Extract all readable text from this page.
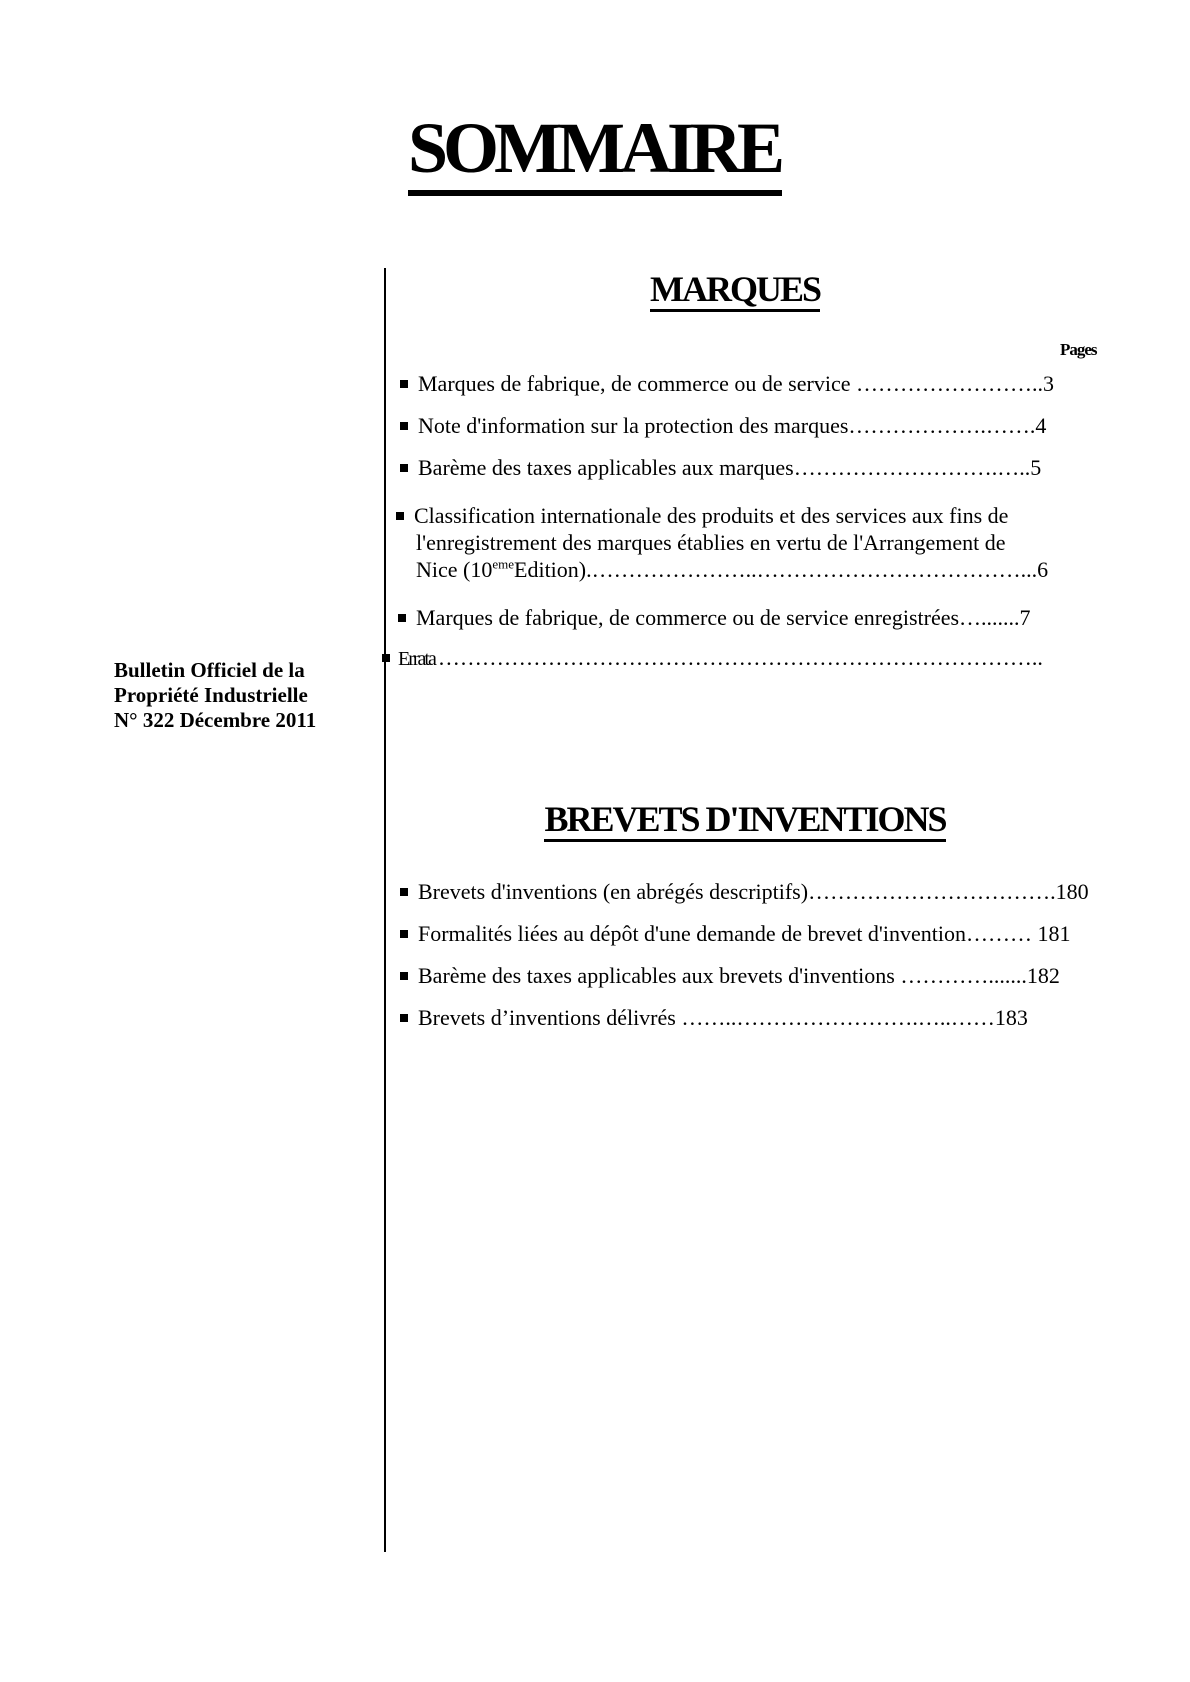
SOMMAIRE
Bulletin Officiel de la
Propriété Industrielle
N° 322 Décembre 2011
MARQUES
Pages
Marques de fabrique, de commerce ou de service ……………………..3
Note d'information sur la protection des marques……………….…….4
Barème des taxes applicables aux marques……………………….…..5
Classification internationale des produits et des services aux fins de
l'enregistrement des marques établies en vertu de l'Arrangement de
Nice (10emeEdition).…………………..………………………………...6
Marques de fabrique, de commerce ou de service enregistrées….......7
Errata ………………………………………………………………………..
BREVETS D'INVENTIONS
Brevets d'inventions (en abrégés descriptifs)…………………………….180
Formalités liées au dépôt d'une demande de brevet d'invention……… 181
Barème des taxes applicables aux brevets d'inventions ………….......182
Brevets d’inventions délivrés ……..…………………….…..……183
